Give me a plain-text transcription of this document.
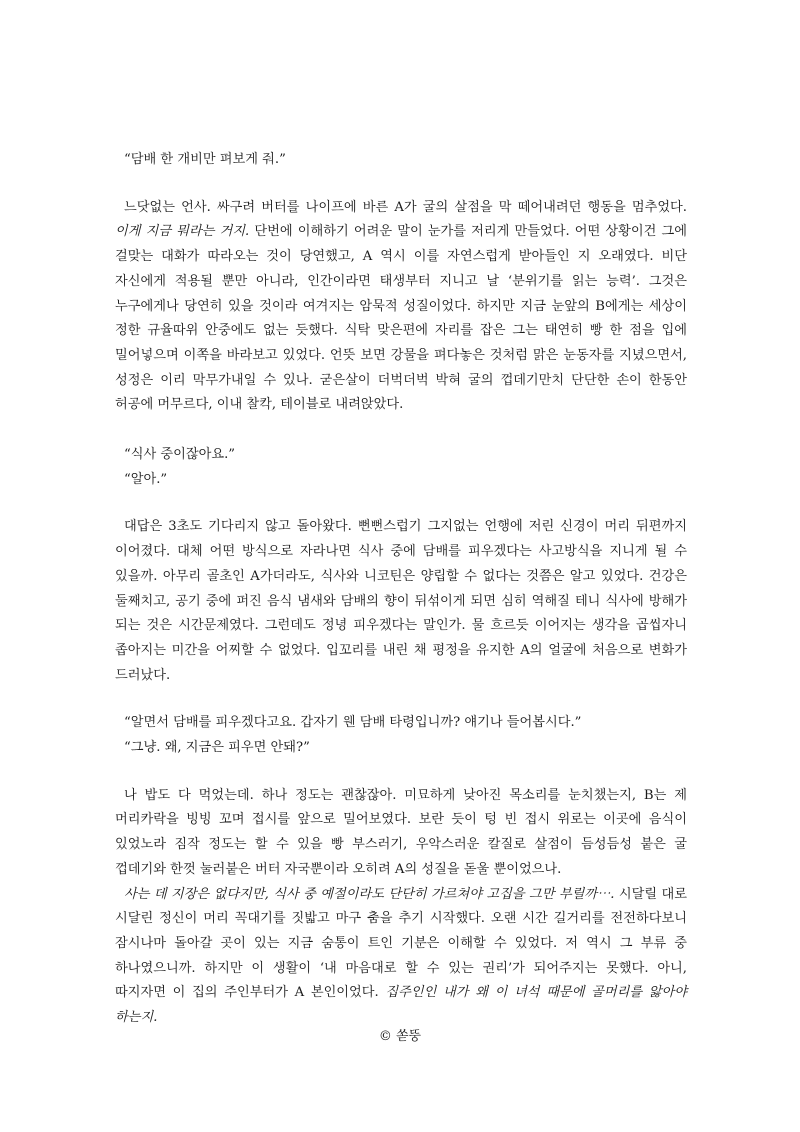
“담배 한 개비만 펴보게 줘.”

느닷없는 언사. 싸구려 버터를 나이프에 바른 A가 굴의 살점을 막 떼어내려던 행동을 멈추었다. 이게 지금 뭐라는 거지. 단번에 이해하기 어려운 말이 눈가를 저리게 만들었다. 어떤 상황이건 그에 걸맞는 대화가 따라오는 것이 당연했고, A 역시 이를 자연스럽게 받아들인 지 오래였다. 비단 자신에게 적용될 뿐만 아니라, 인간이라면 태생부터 지니고 날 ‘분위기를 읽는 능력’. 그것은 누구에게나 당연히 있을 것이라 여겨지는 암묵적 성질이었다. 하지만 지금 눈앞의 B에게는 세상이 정한 규율따위 안중에도 없는 듯했다. 식탁 맞은편에 자리를 잡은 그는 태연히 빵 한 점을 입에 밀어넣으며 이쪽을 바라보고 있었다. 언뜻 보면 강물을 펴다놓은 것처럼 맑은 눈동자를 지녔으면서, 성정은 이리 막무가내일 수 있나. 굳은살이 더벅더벅 박혀 굴의 껍데기만치 단단한 손이 한동안 허공에 머무르다, 이내 찰칵, 테이블로 내려앉았다.

“식사 중이잖아요.”

“알아.”

대답은 3초도 기다리지 않고 돌아왔다. 뻔뻔스럽기 그지없는 언행에 저린 신경이 머리 뒤편까지 이어졌다. 대체 어떤 방식으로 자라나면 식사 중에 담배를 피우겠다는 사고방식을 지니게 될 수 있을까. 아무리 골초인 A가더라도, 식사와 니코틴은 양립할 수 없다는 것쯤은 알고 있었다. 건강은 둘째치고, 공기 중에 퍼진 음식 냄새와 담배의 향이 뒤섞이게 되면 심히 역해질 테니 식사에 방해가 되는 것은 시간문제였다. 그런데도 정녕 피우겠다는 말인가. 물 흐르듯 이어지는 생각을 곱씹자니 좁아지는 미간을 어찌할 수 없었다. 입꼬리를 내린 채 평정을 유지한 A의 얼굴에 처음으로 변화가 드러났다.

“알면서 담배를 피우겠다고요. 갑자기 웬 담배 타령입니까? 얘기나 들어봅시다.”

“그냥. 왜, 지금은 피우면 안돼?”

나 밥도 다 먹었는데. 하나 정도는 괜찮잖아. 미묘하게 낮아진 목소리를 눈치챘는지, B는 제 머리카락을 빙빙 꼬며 접시를 앞으로 밀어보였다. 보란 듯이 텅 빈 접시 위로는 이곳에 음식이 있었노라 짐작 정도는 할 수 있을 빵 부스러기, 우악스러운 칼질로 살점이 듬성듬성 붙은 굴 껍데기와 한껏 눌러붙은 버터 자국뿐이라 오히려 A의 성질을 돋울 뿐이었으나.

사는 데 지장은 없다지만, 식사 중 예절이라도 단단히 가르쳐야 고집을 그만 부릴까⋯. 시달릴 대로 시달린 정신이 머리 꼭대기를 짓밟고 마구 춤을 추기 시작했다. 오랜 시간 길거리를 전전하다보니 잠시나마 돌아갈 곳이 있는 지금 숨통이 트인 기분은 이해할 수 있었다. 저 역시 그 부류 중 하나였으니까. 하지만 이 생활이 ‘내 마음대로 할 수 있는 권리’가 되어주지는 못했다. 아니, 따지자면 이 집의 주인부터가 A 본인이었다. 집주인인 내가 왜 이 녀석 때문에 골머리를 앓아야 하는지.

© 쏟뚱
